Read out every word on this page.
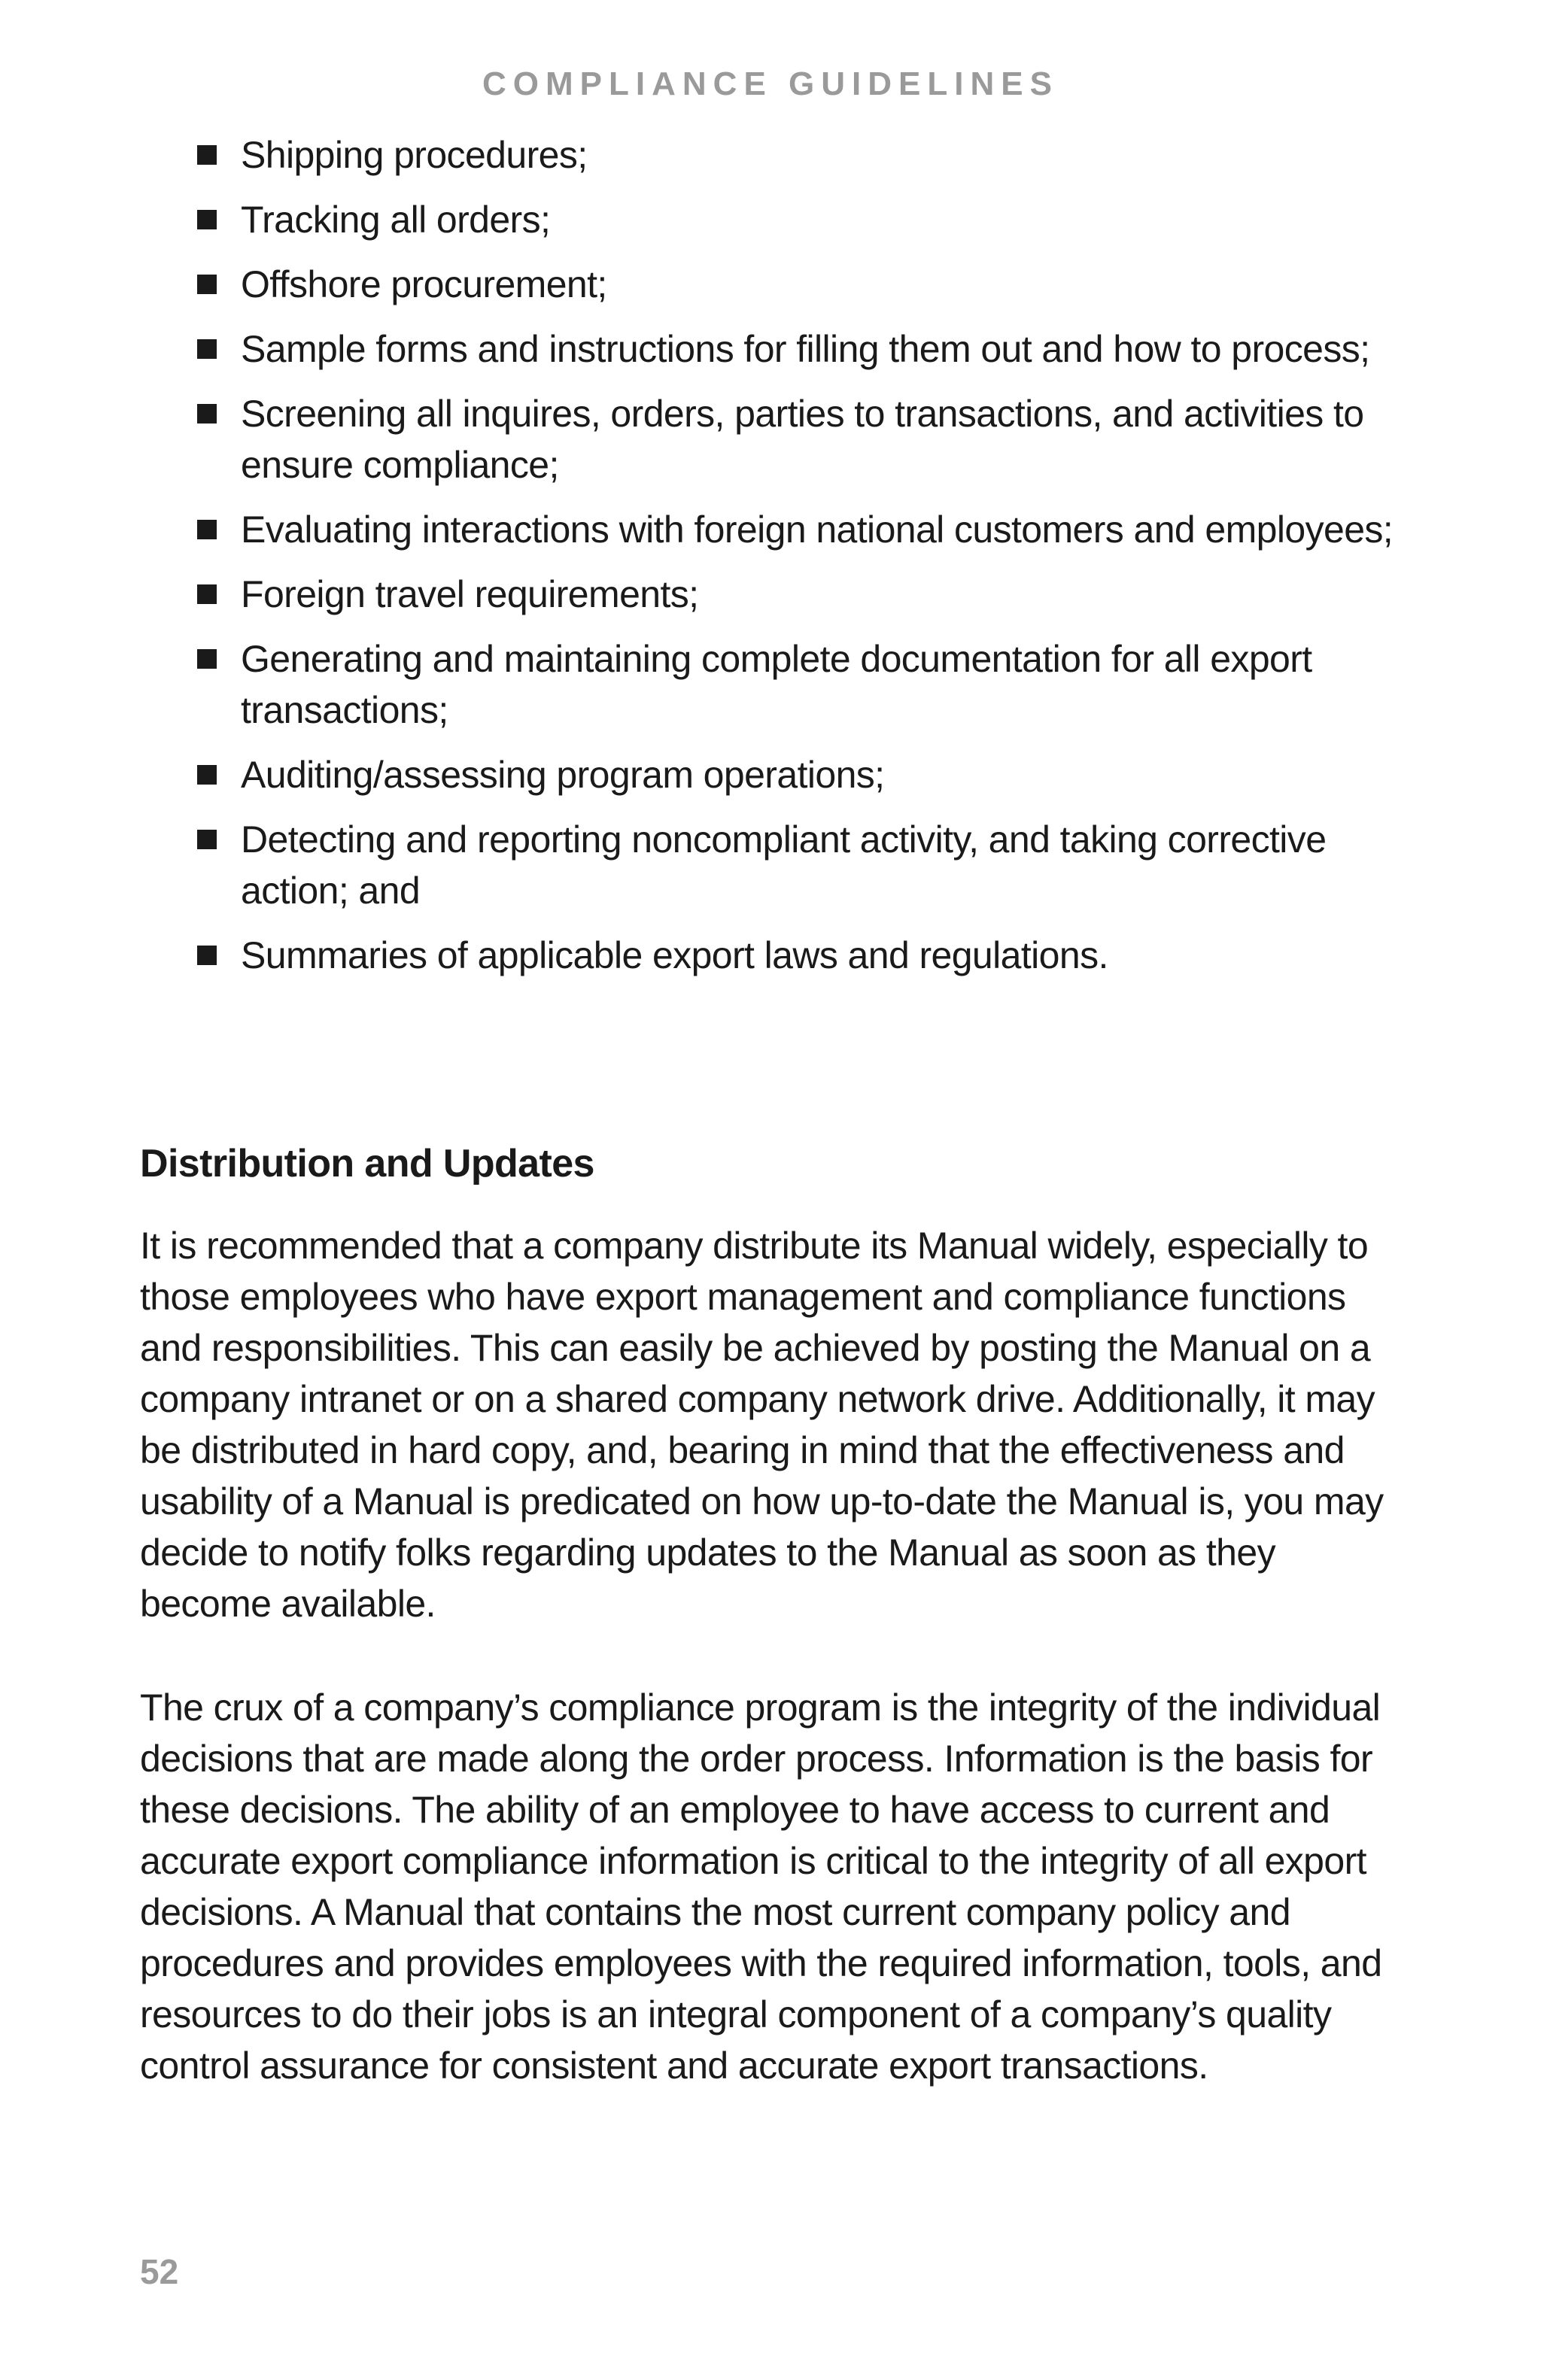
COMPLIANCE GUIDELINES
Shipping procedures;
Tracking all orders;
Offshore procurement;
Sample forms and instructions for filling them out and how to process;
Screening all inquires, orders, parties to transactions, and activities to ensure compliance;
Evaluating interactions with foreign national customers and employees;
Foreign travel requirements;
Generating and maintaining complete documentation for all export transactions;
Auditing/assessing program operations;
Detecting and reporting noncompliant activity, and taking corrective action; and
Summaries of applicable export laws and regulations.
Distribution and Updates

It is recommended that a company distribute its Manual widely, especially to those employees who have export management and compliance functions and responsibilities. This can easily be achieved by posting the Manual on a company intranet or on a shared company network drive. Additionally, it may be distributed in hard copy, and, bearing in mind that the effectiveness and usability of a Manual is predicated on how up-to-date the Manual is, you may decide to notify folks regarding updates to the Manual as soon as they become available.

The crux of a company’s compliance program is the integrity of the individual decisions that are made along the order process. Information is the basis for these decisions. The ability of an employee to have access to current and accurate export compliance information is critical to the integrity of all export decisions. A Manual that contains the most current company policy and procedures and provides employees with the required information, tools, and resources to do their jobs is an integral component of a company’s quality control assurance for consistent and accurate export transactions.

52
